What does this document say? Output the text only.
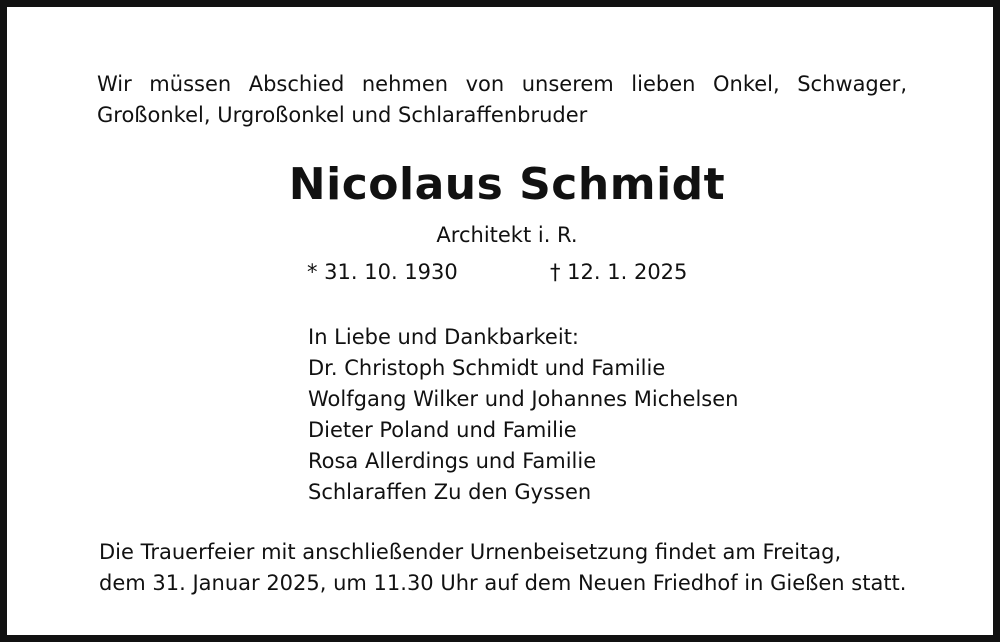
Wir müssen Abschied nehmen von unserem lieben Onkel, Schwager,
Großonkel, Urgroßonkel und Schlaraffenbruder
Nicolaus Schmidt
Architekt i. R.
* 31. 10. 1930	† 12. 1. 2025
In Liebe und Dankbarkeit:
Dr. Christoph Schmidt und Familie
Wolfgang Wilker und Johannes Michelsen
Dieter Poland und Familie
Rosa Allerdings und Familie
Schlaraffen Zu den Gyssen
Die Trauerfeier mit anschließender Urnenbeisetzung findet am Freitag,
dem 31. Januar 2025, um 11.30 Uhr auf dem Neuen Friedhof in Gießen statt.
